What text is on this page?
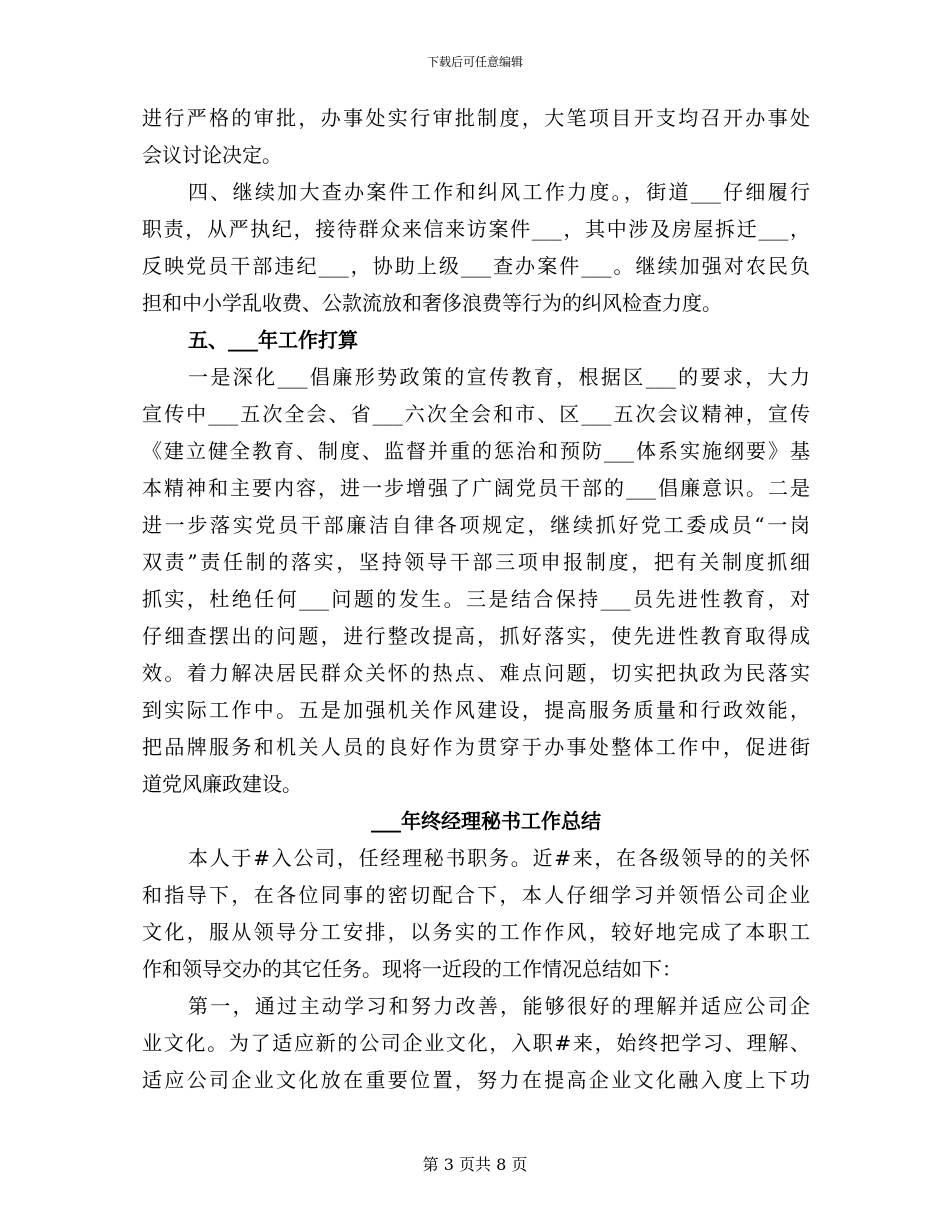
下载后可任意编辑
进行严格的审批，办事处实行审批制度，大笔项目开支均召开办事处
会议讨论决定。
四、继续加大查办案件工作和纠风工作力度。，街道___仔细履行
职责，从严执纪，接待群众来信来访案件___，其中涉及房屋拆迁___，
反映党员干部违纪___，协助上级___查办案件___。继续加强对农民负
担和中小学乱收费、公款流放和奢侈浪费等行为的纠风检查力度。
五、___年工作打算
一是深化___倡廉形势政策的宣传教育，根据区___的要求，大力
宣传中___五次全会、省___六次全会和市、区___五次会议精神，宣传
《建立健全教育、制度、监督并重的惩治和预防___体系实施纲要》基
本精神和主要内容，进一步增强了广阔党员干部的___倡廉意识。二是
进一步落实党员干部廉洁自律各项规定，继续抓好党工委成员“一岗
双责”责任制的落实，坚持领导干部三项申报制度，把有关制度抓细
抓实，杜绝任何___问题的发生。三是结合保持___员先进性教育，对
仔细查摆出的问题，进行整改提高，抓好落实，使先进性教育取得成
效。着力解决居民群众关怀的热点、难点问题，切实把执政为民落实
到实际工作中。五是加强机关作风建设，提高服务质量和行政效能，
把品牌服务和机关人员的良好作为贯穿于办事处整体工作中，促进街
道党风廉政建设。
___年终经理秘书工作总结
本人于#入公司，任经理秘书职务。近#来，在各级领导的的关怀
和指导下，在各位同事的密切配合下，本人仔细学习并领悟公司企业
文化，服从领导分工安排，以务实的工作作风，较好地完成了本职工
作和领导交办的其它任务。现将一近段的工作情况总结如下：
第一，通过主动学习和努力改善，能够很好的理解并适应公司企
业文化。为了适应新的公司企业文化，入职#来，始终把学习、理解、
适应公司企业文化放在重要位置，努力在提高企业文化融入度上下功
第 3 页共 8 页
